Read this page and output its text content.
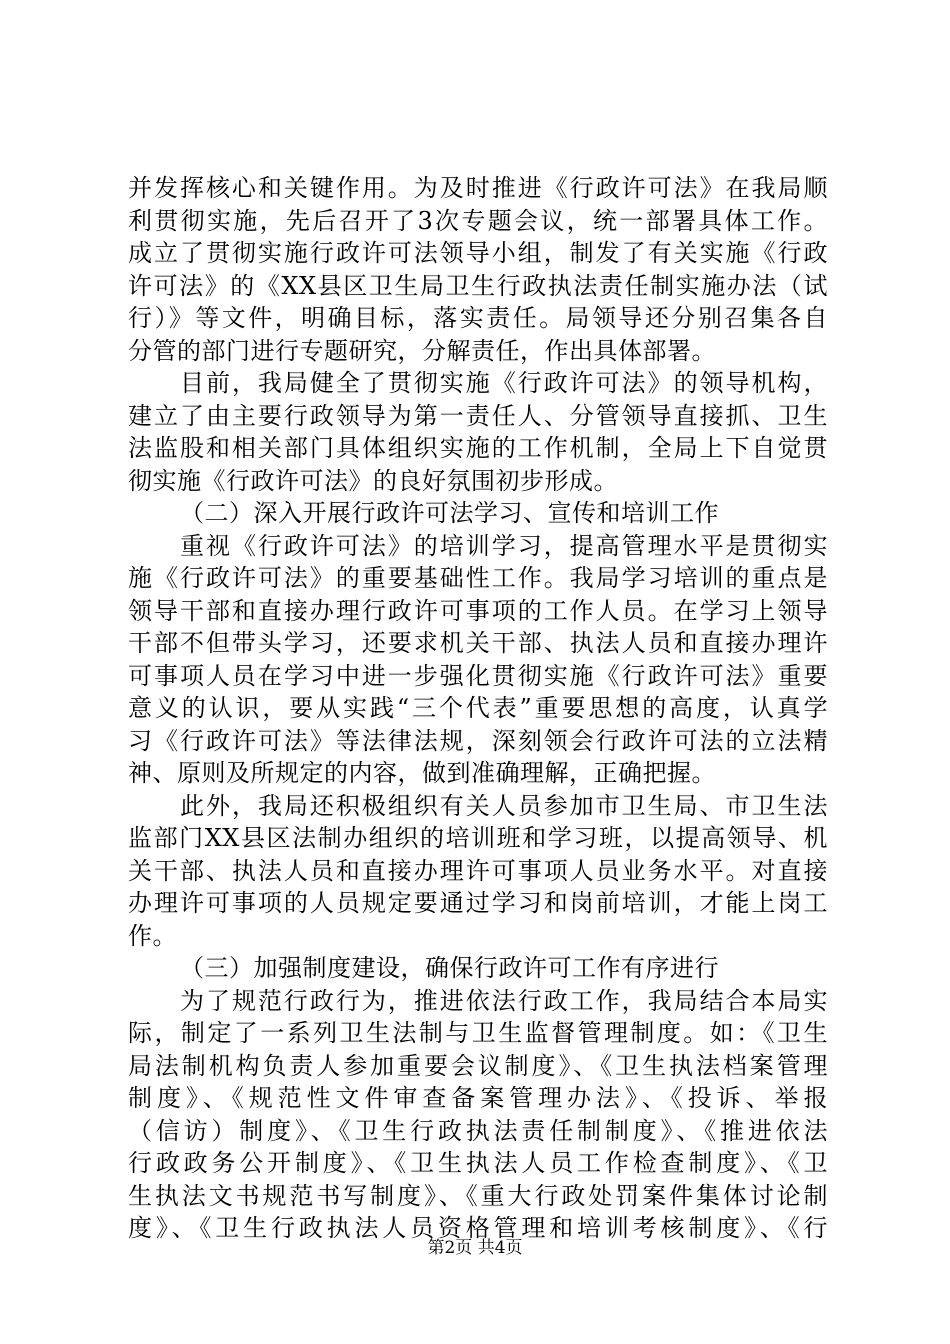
并发挥核心和关键作用。为及时推进《行政许可法》在我局顺
利贯彻实施，先后召开了3次专题会议，统一部署具体工作。
成立了贯彻实施行政许可法领导小组，制发了有关实施《行政
许可法》的《XX县区卫生局卫生行政执法责任制实施办法（试
行）》等文件，明确目标，落实责任。局领导还分别召集各自
分管的部门进行专题研究，分解责任，作出具体部署。
目前，我局健全了贯彻实施《行政许可法》的领导机构，
建立了由主要行政领导为第一责任人、分管领导直接抓、卫生
法监股和相关部门具体组织实施的工作机制，全局上下自觉贯
彻实施《行政许可法》的良好氛围初步形成。
（二）深入开展行政许可法学习、宣传和培训工作
重视《行政许可法》的培训学习，提高管理水平是贯彻实
施《行政许可法》的重要基础性工作。我局学习培训的重点是
领导干部和直接办理行政许可事项的工作人员。在学习上领导
干部不但带头学习，还要求机关干部、执法人员和直接办理许
可事项人员在学习中进一步强化贯彻实施《行政许可法》重要
意义的认识，要从实践“三个代表”重要思想的高度，认真学
习《行政许可法》等法律法规，深刻领会行政许可法的立法精
神、原则及所规定的内容，做到准确理解，正确把握。
此外，我局还积极组织有关人员参加市卫生局、市卫生法
监部门XX县区法制办组织的培训班和学习班，以提高领导、机
关干部、执法人员和直接办理许可事项人员业务水平。对直接
办理许可事项的人员规定要通过学习和岗前培训，才能上岗工
作。
（三）加强制度建设，确保行政许可工作有序进行
为了规范行政行为，推进依法行政工作，我局结合本局实
际，制定了一系列卫生法制与卫生监督管理制度。如：《卫生
局法制机构负责人参加重要会议制度》、《卫生执法档案管理
制度》、《规范性文件审查备案管理办法》、《投诉、举报
（信访）制度》、《卫生行政执法责任制制度》、《推进依法
行政政务公开制度》、《卫生执法人员工作检查制度》、《卫
生执法文书规范书写制度》、《重大行政处罚案件集体讨论制
度》、《卫生行政执法人员资格管理和培训考核制度》、《行
第2页 共4页
